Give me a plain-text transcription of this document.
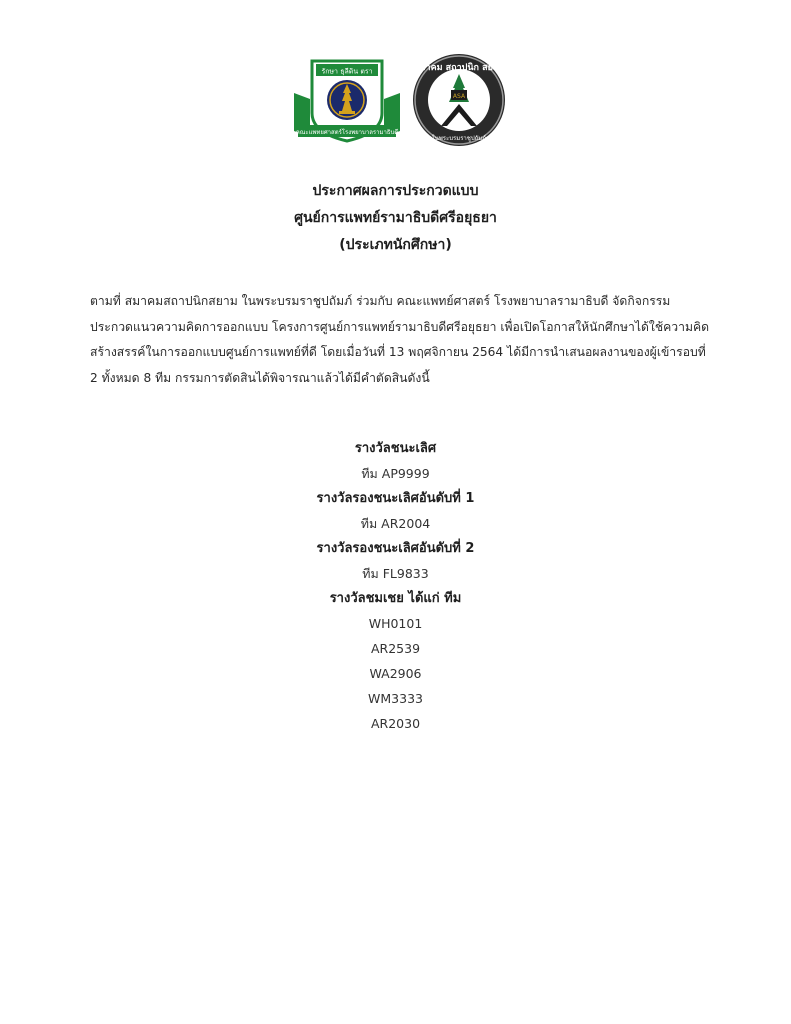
รักษา ธุลีดิน ตรา
คณะแพทยศาสตร์โรงพยาบาลรามาธิบดี
สมาคม สถาปนิก สยาม
ASA
ในพระบรมราชูปถัมภ์
ประกาศผลการประกวดแบบ
ศูนย์การแพทย์รามาธิบดีศรีอยุธยา
(ประเภทนักศึกษา)
ตามที่ สมาคมสถาปนิกสยาม ในพระบรมราชูปถัมภ์ ร่วมกับ คณะแพทย์ศาสตร์ โรงพยาบาลรามาธิบดี จัดกิจกรรม
ประกวดแนวความคิดการออกแบบ โครงการศูนย์การแพทย์รามาธิบดีศรีอยุธยา เพื่อเปิดโอกาสให้นักศึกษาได้ใช้ความคิด
สร้างสรรค์ในการออกแบบศูนย์การแพทย์ที่ดี โดยเมื่อวันที่ 13 พฤศจิกายน 2564 ได้มีการนำเสนอผลงานของผู้เข้ารอบที่
2 ทั้งหมด 8 ทีม กรรมการตัดสินได้พิจารณาแล้วได้มีคำตัดสินดังนี้
รางวัลชนะเลิศ
ทีม AP9999
รางวัลรองชนะเลิศอันดับที่ 1
ทีม AR2004
รางวัลรองชนะเลิศอันดับที่ 2
ทีม FL9833
รางวัลชมเชย ได้แก่ ทีม
WH0101
AR2539
WA2906
WM3333
AR2030
